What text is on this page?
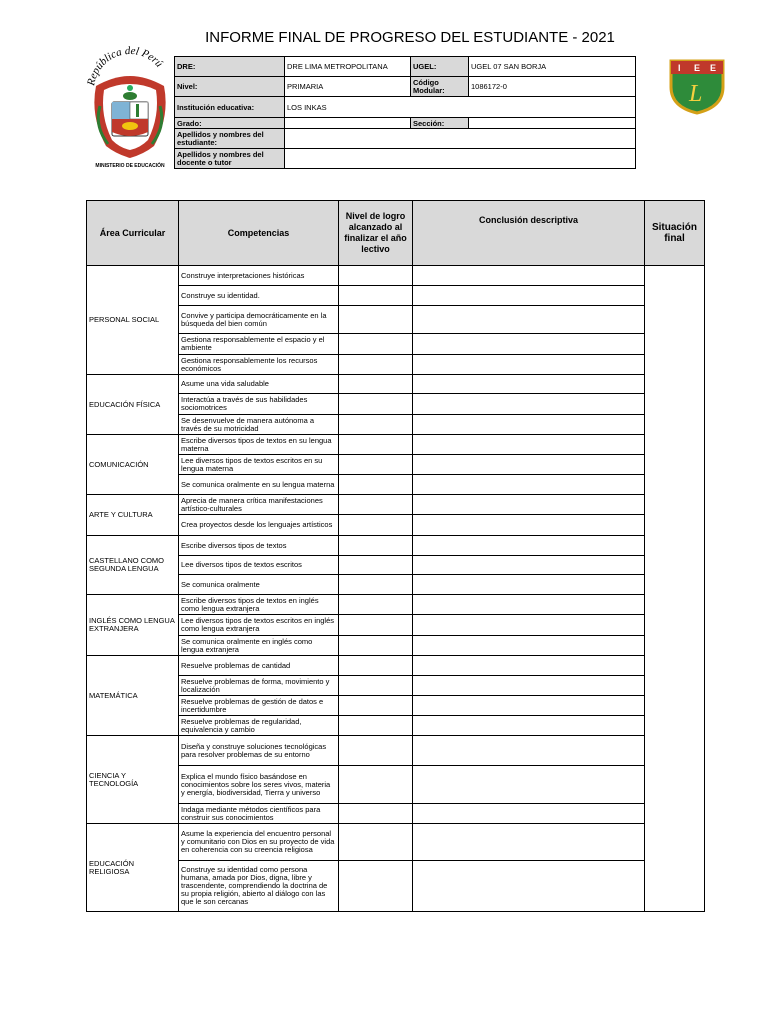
INFORME FINAL DE PROGRESO DEL ESTUDIANTE - 2021
República del Perú
MINISTERIO DE EDUCACIÓN
I E E
L
DRE:	DRE LIMA METROPOLITANA	UGEL:	UGEL 07 SAN BORJA
Nivel:	PRIMARIA	Código Modular:	1086172-0
Institución educativa:	LOS INKAS		
Grado:		Sección:	
Apellidos y nombres del estudiante:			
Apellidos y nombres del docente o tutor			
Área Curricular	Competencias	Nivel de logro alcanzado al finalizar el año lectivo	Conclusión descriptiva	Situación final
PERSONAL SOCIAL	Construye interpretaciones históricas			
	Construye su identidad.			
	Convive y participa democráticamente en la búsqueda del bien común			
	Gestiona responsablemente el espacio y el ambiente			
	Gestiona responsablemente los recursos económicos			
EDUCACIÓN FÍSICA	Asume una vida saludable			
	Interactúa a través de sus habilidades sociomotrices			
	Se desenvuelve de manera autónoma a través de su motricidad			
COMUNICACIÓN	Escribe diversos tipos de textos en su lengua materna			
	Lee diversos tipos de textos escritos en su lengua materna			
	Se comunica oralmente en su lengua materna			
ARTE Y CULTURA	Aprecia de manera crítica manifestaciones artístico-culturales			
	Crea proyectos desde los lenguajes artísticos			
CASTELLANO COMO SEGUNDA LENGUA	Escribe diversos tipos de textos			
	Lee diversos tipos de textos escritos			
	Se comunica oralmente			
INGLÉS COMO LENGUA EXTRANJERA	Escribe diversos tipos de textos en inglés como lengua extranjera			
	Lee diversos tipos de textos escritos en inglés como lengua extranjera			
	Se comunica oralmente en inglés como lengua extranjera			
MATEMÁTICA	Resuelve problemas de cantidad			
	Resuelve problemas de forma, movimiento y localización			
	Resuelve problemas de gestión de datos e incertidumbre			
	Resuelve problemas de regularidad, equivalencia y cambio			
CIENCIA Y TECNOLOGÍA	Diseña y construye soluciones tecnológicas para resolver problemas de su entorno			
	Explica el mundo físico basándose en conocimientos sobre los seres vivos, materia y energía, biodiversidad, Tierra y universo			
	Indaga mediante métodos científicos para construir sus conocimientos			
EDUCACIÓN RELIGIOSA	Asume la experiencia del encuentro personal y comunitario con Dios en su proyecto de vida en coherencia con su creencia religiosa			
	Construye su identidad como persona humana, amada por Dios, digna, libre y trascendente, comprendiendo la doctrina de su propia religión, abierto al diálogo con las que le son cercanas			
